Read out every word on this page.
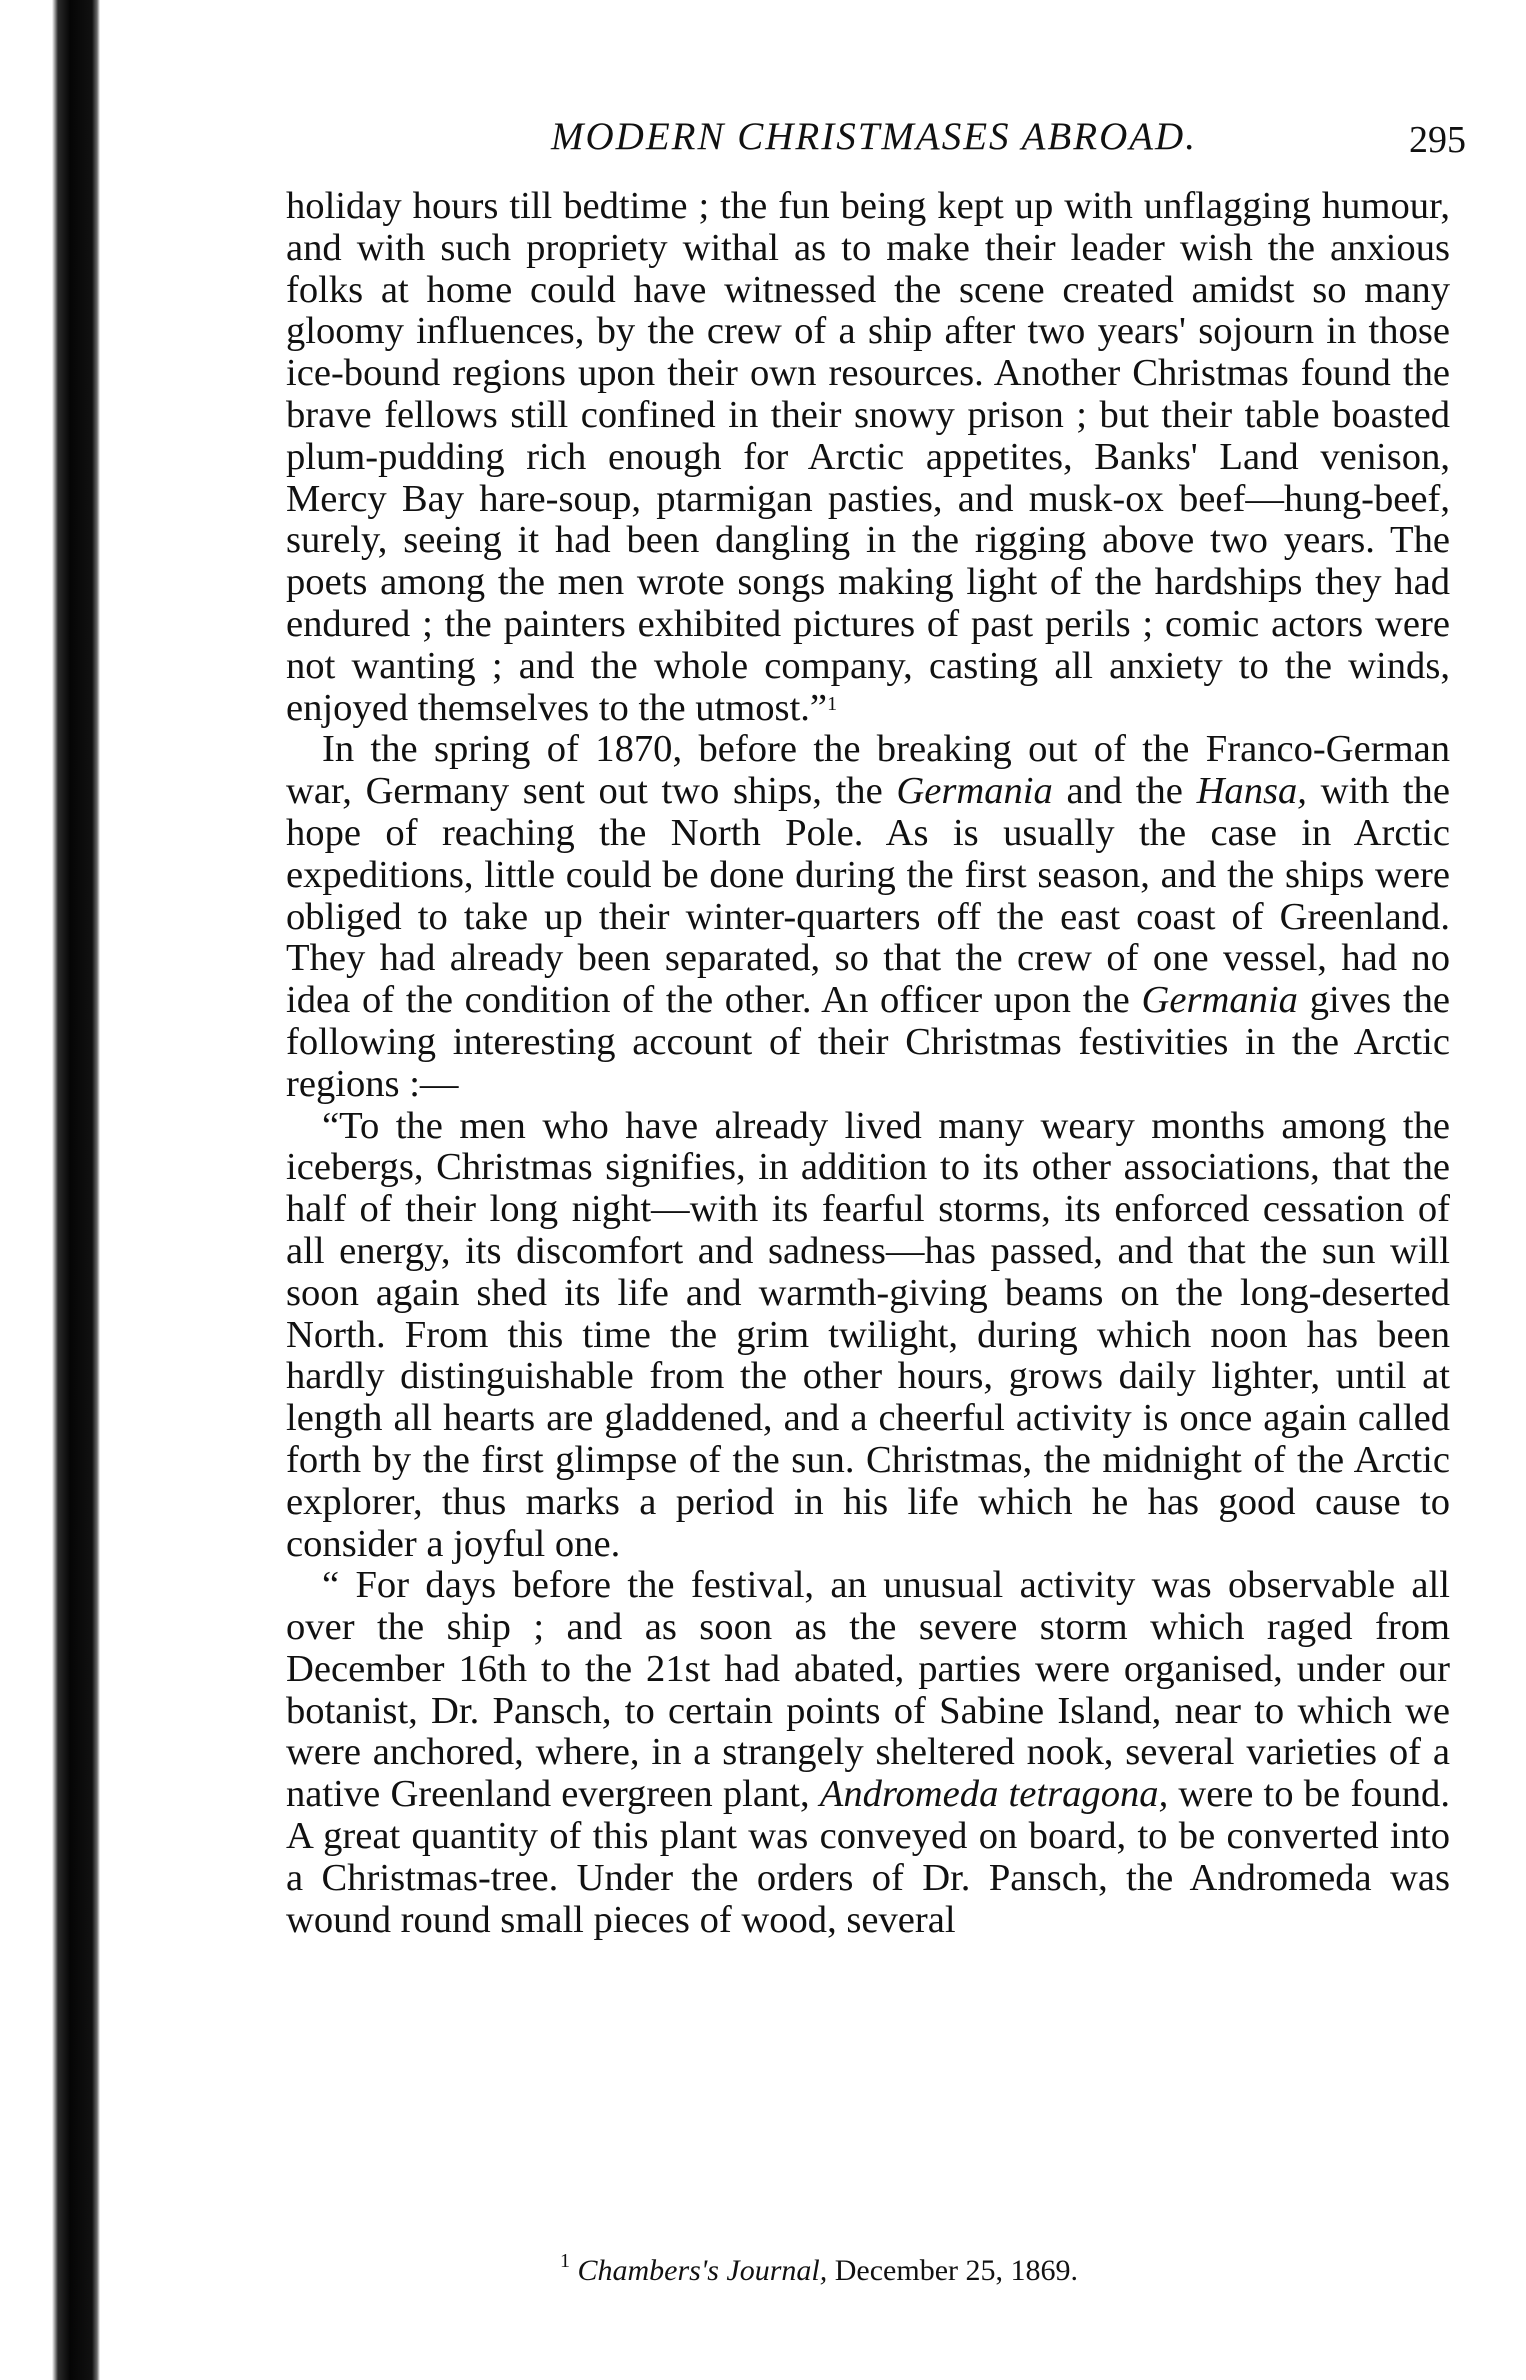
MODERN CHRISTMASES ABROAD.	295

holiday hours till bedtime ; the fun being kept up with unflagging humour, and with such propriety withal as to make their leader wish the anxious folks at home could have witnessed the scene created amidst so many gloomy influences, by the crew of a ship after two years' sojourn in those ice-bound regions upon their own resources. Another Christmas found the brave fellows still confined in their snowy prison ; but their table boasted plum-pudding rich enough for Arctic appetites, Banks' Land venison, Mercy Bay hare-soup, ptarmigan pasties, and musk-ox beef—hung-beef, surely, seeing it had been dangling in the rigging above two years. The poets among the men wrote songs making light of the hardships they had endured ; the painters exhibited pictures of past perils ; comic actors were not wanting ; and the whole company, casting all anxiety to the winds, enjoyed themselves to the utmost.”$^1$

In the spring of 1870, before the breaking out of the Franco-German war, Germany sent out two ships, the Germania and the Hansa, with the hope of reaching the North Pole. As is usually the case in Arctic expeditions, little could be done during the first season, and the ships were obliged to take up their winter-quarters off the east coast of Greenland. They had already been separated, so that the crew of one vessel, had no idea of the condition of the other. An officer upon the Germania gives the following interesting account of their Christmas festivities in the Arctic regions :—

“To the men who have already lived many weary months among the icebergs, Christmas signifies, in addition to its other associations, that the half of their long night—with its fearful storms, its enforced cessation of all energy, its discomfort and sadness—has passed, and that the sun will soon again shed its life and warmth-giving beams on the long-deserted North. From this time the grim twilight, during which noon has been hardly distinguishable from the other hours, grows daily lighter, until at length all hearts are gladdened, and a cheerful activity is once again called forth by the first glimpse of the sun. Christmas, the midnight of the Arctic explorer, thus marks a period in his life which he has good cause to consider a joyful one.

“ For days before the festival, an unusual activity was observable all over the ship ; and as soon as the severe storm which raged from December 16th to the 21st had abated, parties were organised, under our botanist, Dr. Pansch, to certain points of Sabine Island, near to which we were anchored, where, in a strangely sheltered nook, several varieties of a native Greenland evergreen plant, Andromeda tetragona, were to be found. A great quantity of this plant was conveyed on board, to be converted into a Christmas-tree. Under the orders of Dr. Pansch, the Andromeda was wound round small pieces of wood, several

$^1$ Chambers's Journal, December 25, 1869.
